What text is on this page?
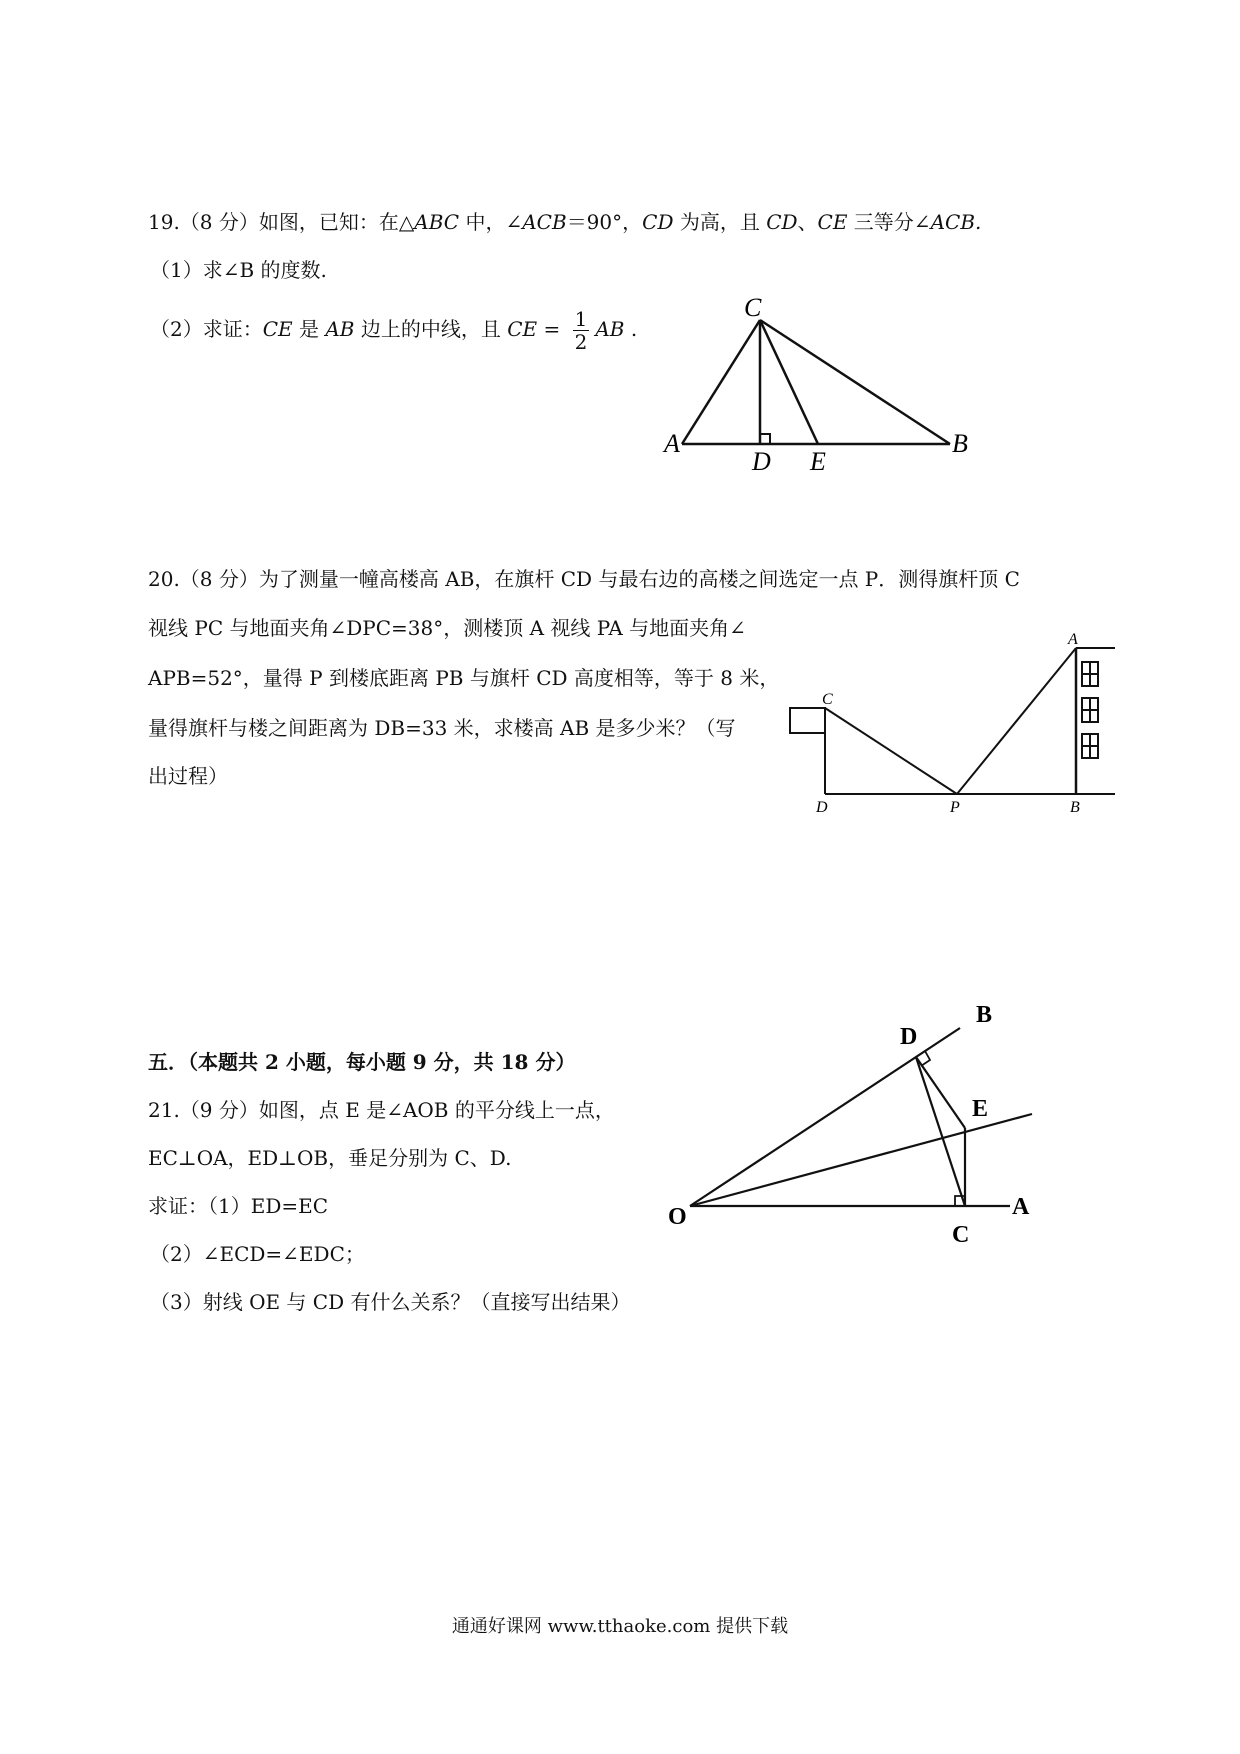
19.（8 分）如图，已知：在△ABC 中，∠ACB＝90°，CD 为高，且 CD、CE 三等分∠ACB.
（1）求∠B 的度数.
（2）求证：CE 是 AB 边上的中线，且 CE = $\frac{1}{2}$ AB .
C
A
D E
B
20.（8 分）为了测量一幢高楼高 AB，在旗杆 CD 与最右边的高楼之间选定一点 P．测得旗杆顶 C
视线 PC 与地面夹角∠DPC=38°，测楼顶 A 视线 PA 与地面夹角∠
APB=52°，量得 P 到楼底距离 PB 与旗杆 CD 高度相等，等于 8 米，
量得旗杆与楼之间距离为 DB=33 米，求楼高 AB 是多少米？（写
出过程）
A
C
D	P	B
五．（本题共 2 小题，每小题 9 分，共 18 分）
21.（9 分）如图，点 E 是∠AOB 的平分线上一点，
EC⊥OA，ED⊥OB，垂足分别为 C、D.
求证：（1）ED=EC
（2）∠ECD=∠EDC；
（3）射线 OE 与 CD 有什么关系？（直接写出结果）
O	A
B
D
E
C
通通好课网 www.tthaoke.com 提供下载
